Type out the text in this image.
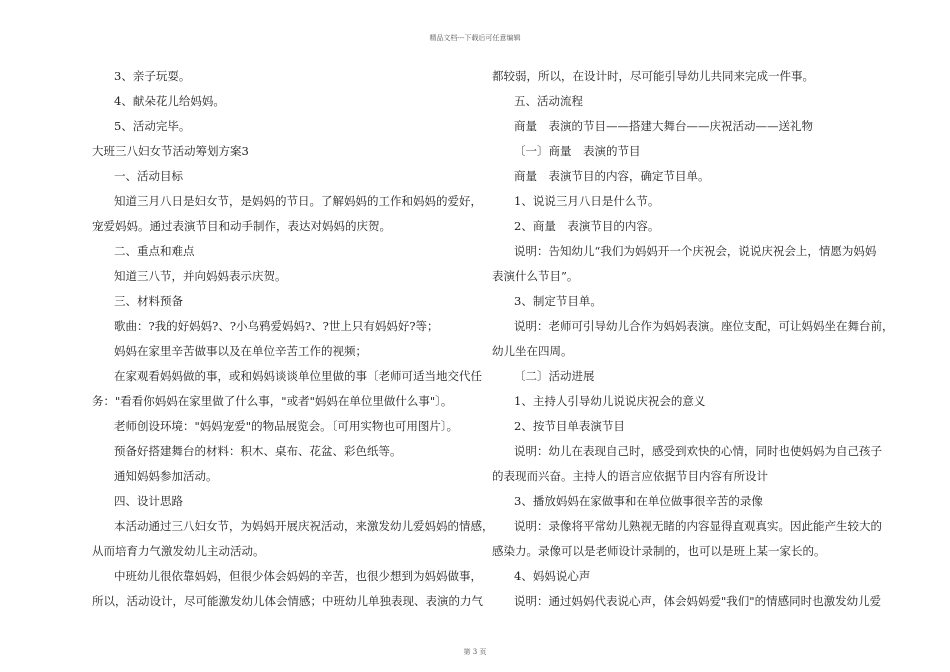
精品文档---下载后可任意编辑
3、亲子玩耍。
4、献朵花儿给妈妈。
5、活动完毕。
大班三八妇女节活动筹划方案3
一、活动目标
知道三月八日是妇女节，是妈妈的节日。了解妈妈的工作和妈妈的爱好，
宠爱妈妈。通过表演节目和动手制作，表达对妈妈的庆贺。
二、重点和难点
知道三八节，并向妈妈表示庆贺。
三、材料预备
歌曲：?我的好妈妈?、?小乌鸦爱妈妈?、?世上只有妈妈好?等；
妈妈在家里辛苦做事以及在单位辛苦工作的视频；
在家观看妈妈做的事，或和妈妈谈谈单位里做的事〔老师可适当地交代任
务："看看你妈妈在家里做了什么事，"或者"妈妈在单位里做什么事"〕。
老师创设环境："妈妈宠爱"的物品展览会。〔可用实物也可用图片〕。
预备好搭建舞台的材料：积木、桌布、花盆、彩色纸等。
通知妈妈参加活动。
四、设计思路
本活动通过三八妇女节，为妈妈开展庆祝活动，来激发幼儿爱妈妈的情感，
从而培育力气激发幼儿主动活动。
中班幼儿很依靠妈妈，但很少体会妈妈的辛苦，也很少想到为妈妈做事，
所以，活动设计，尽可能激发幼儿体会情感；中班幼儿单独表现、表演的力气
都较弱，所以，在设计时，尽可能引导幼儿共同来完成一件事。
五、活动流程
商量　表演的节目——搭建大舞台——庆祝活动——送礼物
〔一〕商量　表演的节目
商量　表演节目的内容，确定节目单。
1、说说三月八日是什么节。
2、商量　表演节目的内容。
说明：告知幼儿“我们为妈妈开一个庆祝会，说说庆祝会上，情愿为妈妈
表演什么节目”。
3、制定节目单。
说明：老师可引导幼儿合作为妈妈表演。座位支配，可让妈妈坐在舞台前，
幼儿坐在四周。
〔二〕活动进展
1、主持人引导幼儿说说庆祝会的意义
2、按节目单表演节目
说明：幼儿在表现自己时，感受到欢快的心情，同时也使妈妈为自己孩子
的表现而兴奋。主持人的语言应依据节目内容有所设计
3、播放妈妈在家做事和在单位做事很辛苦的录像
说明：录像将平常幼儿熟视无睹的内容显得直观真实。因此能产生较大的
感染力。录像可以是老师设计录制的，也可以是班上某一家长的。
4、妈妈说心声
说明：通过妈妈代表说心声，体会妈妈爱"我们"的情感同时也激发幼儿爱
第 3 页
